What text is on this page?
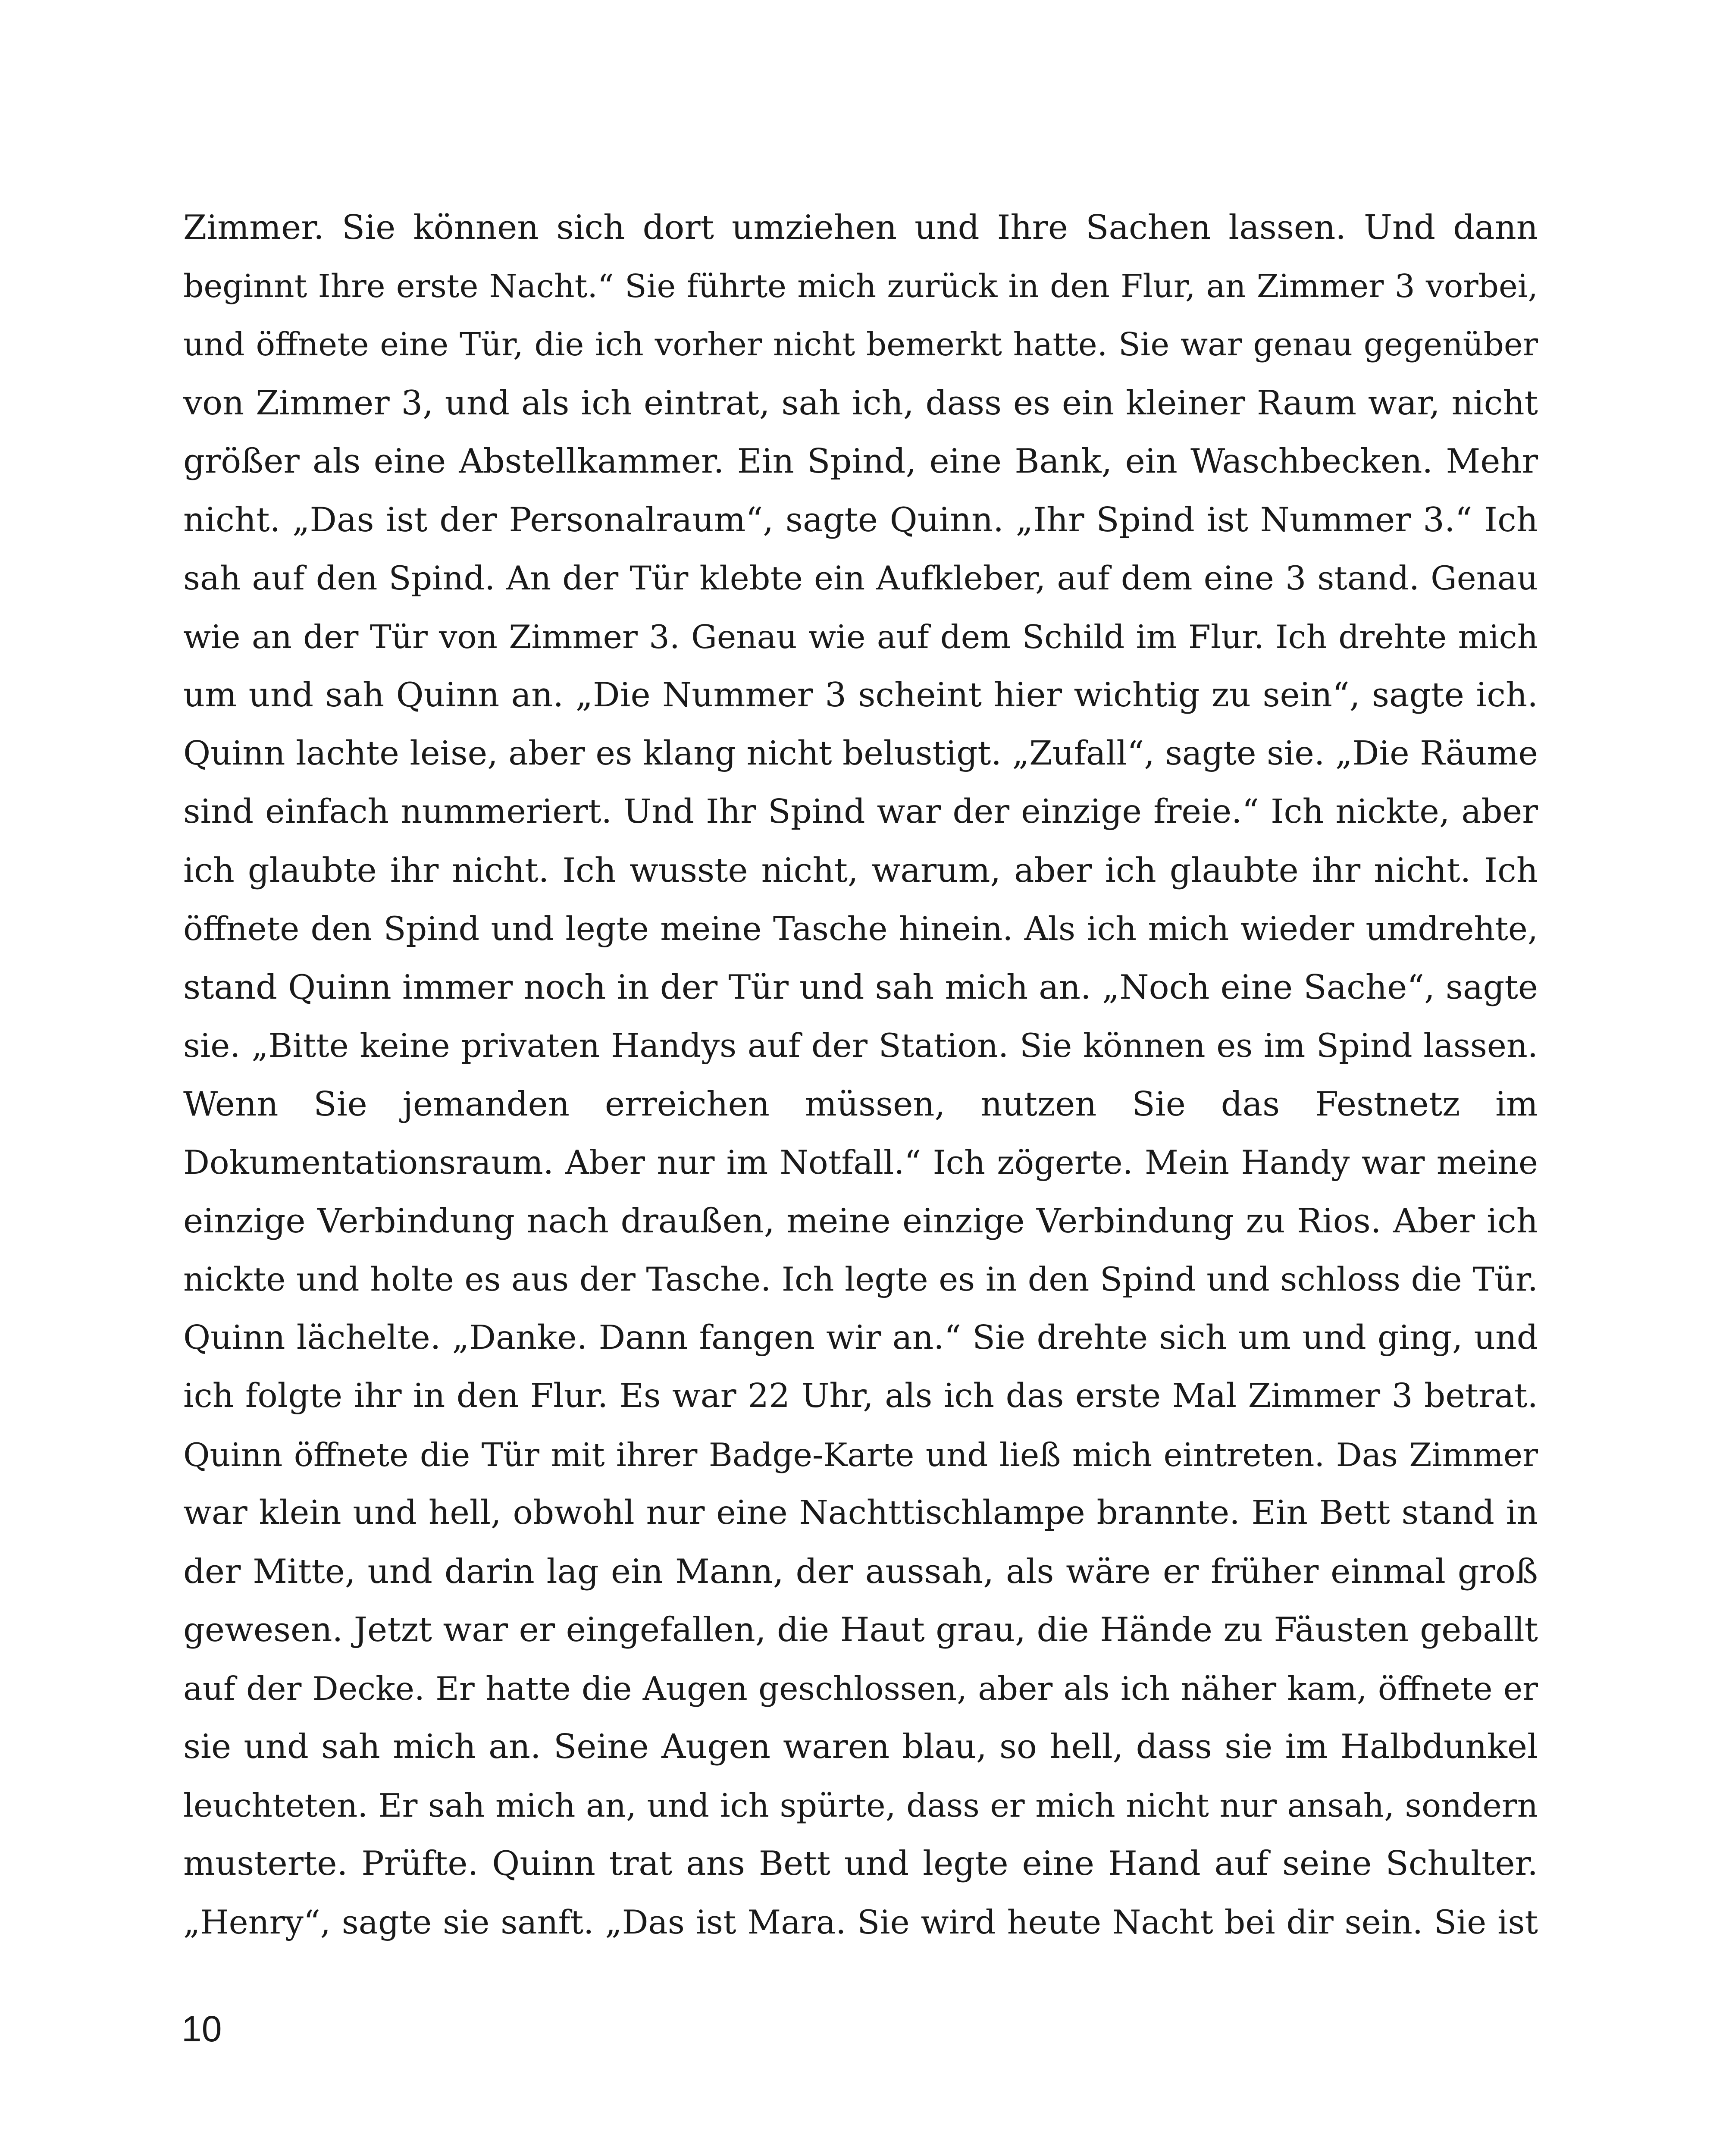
Zimmer. Sie können sich dort umziehen und Ihre Sachen lassen. Und dann
beginnt Ihre erste Nacht.“ Sie führte mich zurück in den Flur, an Zimmer 3 vorbei,
und öffnete eine Tür, die ich vorher nicht bemerkt hatte. Sie war genau gegenüber
von Zimmer 3, und als ich eintrat, sah ich, dass es ein kleiner Raum war, nicht
größer als eine Abstellkammer. Ein Spind, eine Bank, ein Waschbecken. Mehr
nicht. „Das ist der Personalraum“, sagte Quinn. „Ihr Spind ist Nummer 3.“ Ich
sah auf den Spind. An der Tür klebte ein Aufkleber, auf dem eine 3 stand. Genau
wie an der Tür von Zimmer 3. Genau wie auf dem Schild im Flur. Ich drehte mich
um und sah Quinn an. „Die Nummer 3 scheint hier wichtig zu sein“, sagte ich.
Quinn lachte leise, aber es klang nicht belustigt. „Zufall“, sagte sie. „Die Räume
sind einfach nummeriert. Und Ihr Spind war der einzige freie.“ Ich nickte, aber
ich glaubte ihr nicht. Ich wusste nicht, warum, aber ich glaubte ihr nicht. Ich
öffnete den Spind und legte meine Tasche hinein. Als ich mich wieder umdrehte,
stand Quinn immer noch in der Tür und sah mich an. „Noch eine Sache“, sagte
sie. „Bitte keine privaten Handys auf der Station. Sie können es im Spind lassen.
Wenn Sie jemanden erreichen müssen, nutzen Sie das Festnetz im
Dokumentationsraum. Aber nur im Notfall.“ Ich zögerte. Mein Handy war meine
einzige Verbindung nach draußen, meine einzige Verbindung zu Rios. Aber ich
nickte und holte es aus der Tasche. Ich legte es in den Spind und schloss die Tür.
Quinn lächelte. „Danke. Dann fangen wir an.“ Sie drehte sich um und ging, und
ich folgte ihr in den Flur. Es war 22 Uhr, als ich das erste Mal Zimmer 3 betrat.
Quinn öffnete die Tür mit ihrer Badge-Karte und ließ mich eintreten. Das Zimmer
war klein und hell, obwohl nur eine Nachttischlampe brannte. Ein Bett stand in
der Mitte, und darin lag ein Mann, der aussah, als wäre er früher einmal groß
gewesen. Jetzt war er eingefallen, die Haut grau, die Hände zu Fäusten geballt
auf der Decke. Er hatte die Augen geschlossen, aber als ich näher kam, öffnete er
sie und sah mich an. Seine Augen waren blau, so hell, dass sie im Halbdunkel
leuchteten. Er sah mich an, und ich spürte, dass er mich nicht nur ansah, sondern
musterte. Prüfte. Quinn trat ans Bett und legte eine Hand auf seine Schulter.
„Henry“, sagte sie sanft. „Das ist Mara. Sie wird heute Nacht bei dir sein. Sie ist
10
